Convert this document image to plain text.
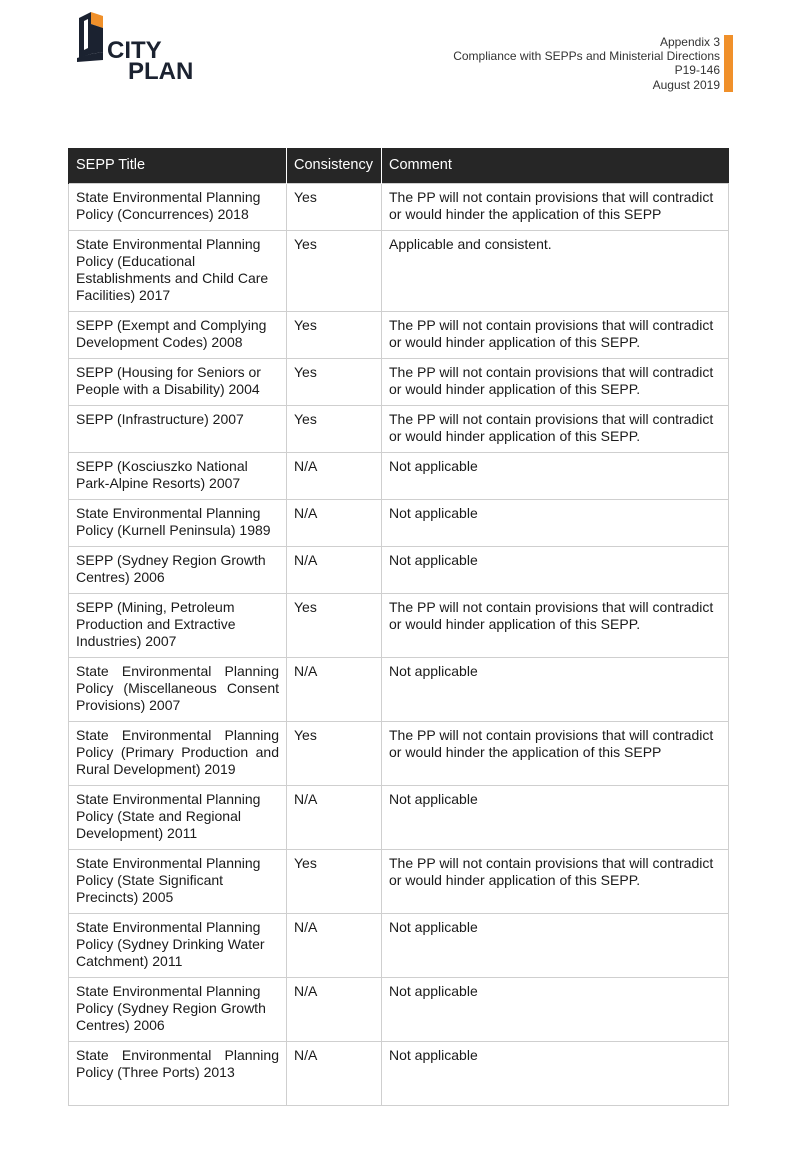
CITY
PLAN
Appendix 3
Compliance with SEPPs and Ministerial Directions
P19-146
August 2019
SEPP Title	Consistency	Comment
State Environmental Planning Policy (Concurrences) 2018	Yes	The PP will not contain provisions that will contradict or would hinder the application of this SEPP
State Environmental Planning Policy (Educational Establishments and Child Care Facilities) 2017	Yes	Applicable and consistent.
SEPP (Exempt and Complying Development Codes) 2008	Yes	The PP will not contain provisions that will contradict or would hinder application of this SEPP.
SEPP (Housing for Seniors or People with a Disability) 2004	Yes	The PP will not contain provisions that will contradict or would hinder application of this SEPP.
SEPP (Infrastructure) 2007	Yes	The PP will not contain provisions that will contradict or would hinder application of this SEPP.
SEPP (Kosciuszko National Park-Alpine Resorts) 2007	N/A	Not applicable
State Environmental Planning Policy (Kurnell Peninsula) 1989	N/A	Not applicable
SEPP (Sydney Region Growth Centres) 2006	N/A	Not applicable
SEPP (Mining, Petroleum Production and Extractive Industries) 2007	Yes	The PP will not contain provisions that will contradict or would hinder application of this SEPP.
State Environmental Planning Policy (Miscellaneous Consent Provisions) 2007	N/A	Not applicable
State Environmental Planning Policy (Primary Production and Rural Development) 2019	Yes	The PP will not contain provisions that will contradict or would hinder the application of this SEPP
State Environmental Planning Policy (State and Regional Development) 2011	N/A	Not applicable
State Environmental Planning Policy (State Significant Precincts) 2005	Yes	The PP will not contain provisions that will contradict or would hinder application of this SEPP.
State Environmental Planning Policy (Sydney Drinking Water Catchment) 2011	N/A	Not applicable
State Environmental Planning Policy (Sydney Region Growth Centres) 2006	N/A	Not applicable
State Environmental Planning Policy (Three Ports) 2013	N/A	Not applicable
